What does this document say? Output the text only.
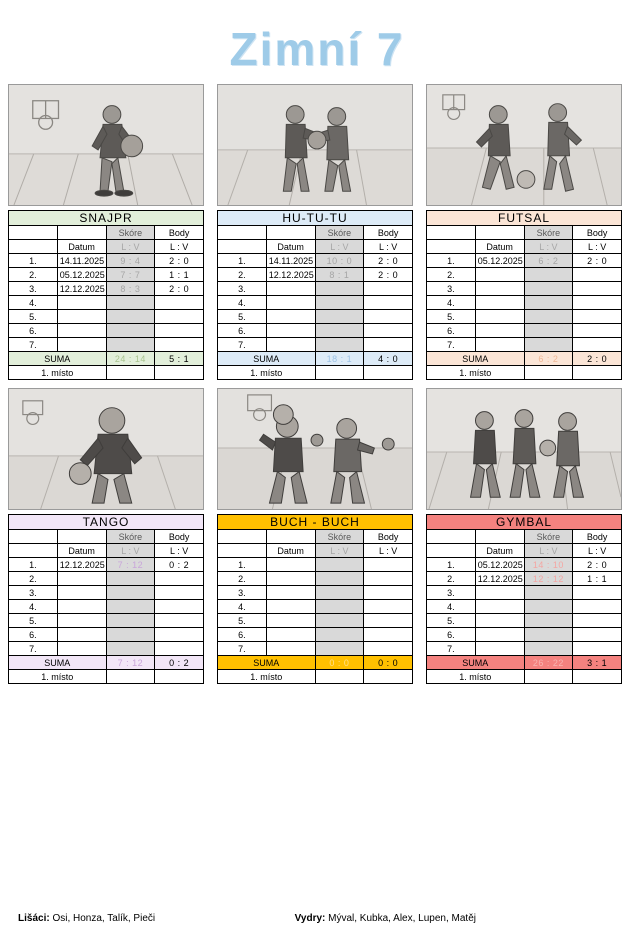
Zimní 7
SNAJPR			
		Skóre	Body
	Datum	L : V	L : V
1.	14.11.2025	9 : 4	2 : 0
2.	05.12.2025	7 : 7	1 : 1
3.	12.12.2025	8 : 3	2 : 0
4.			
5.			
6.			
7.			
SUMA		24 : 14	5 : 1
1. místo			
HU-TU-TU			
		Skóre	Body
	Datum	L : V	L : V
1.	14.11.2025	10 : 0	2 : 0
2.	12.12.2025	8 : 1	2 : 0
3.			
4.			
5.			
6.			
7.			
SUMA		18 : 1	4 : 0
1. místo			
FUTSAL			
		Skóre	Body
	Datum	L : V	L : V
1.	05.12.2025	6 : 2	2 : 0
2.			
3.			
4.			
5.			
6.			
7.			
SUMA		6 : 2	2 : 0
1. místo			
TANGO			
		Skóre	Body
	Datum	L : V	L : V
1.	12.12.2025	7 : 12	0 : 2
2.			
3.			
4.			
5.			
6.			
7.			
SUMA		7 : 12	0 : 2
1. místo			
BUCH - BUCH			
		Skóre	Body
	Datum	L : V	L : V
1.			
2.			
3.			
4.			
5.			
6.			
7.			
SUMA		0 : 0	0 : 0
1. místo			
GYMBAL			
		Skóre	Body
	Datum	L : V	L : V
1.	05.12.2025	14 : 10	2 : 0
2.	12.12.2025	12 : 12	1 : 1
3.			
4.			
5.			
6.			
7.			
SUMA		26 : 22	3 : 1
1. místo			
Lišáci: Osi, Honza, Talík, Pieči	Vydry: Mýval, Kubka, Alex, Lupen, Matěj
